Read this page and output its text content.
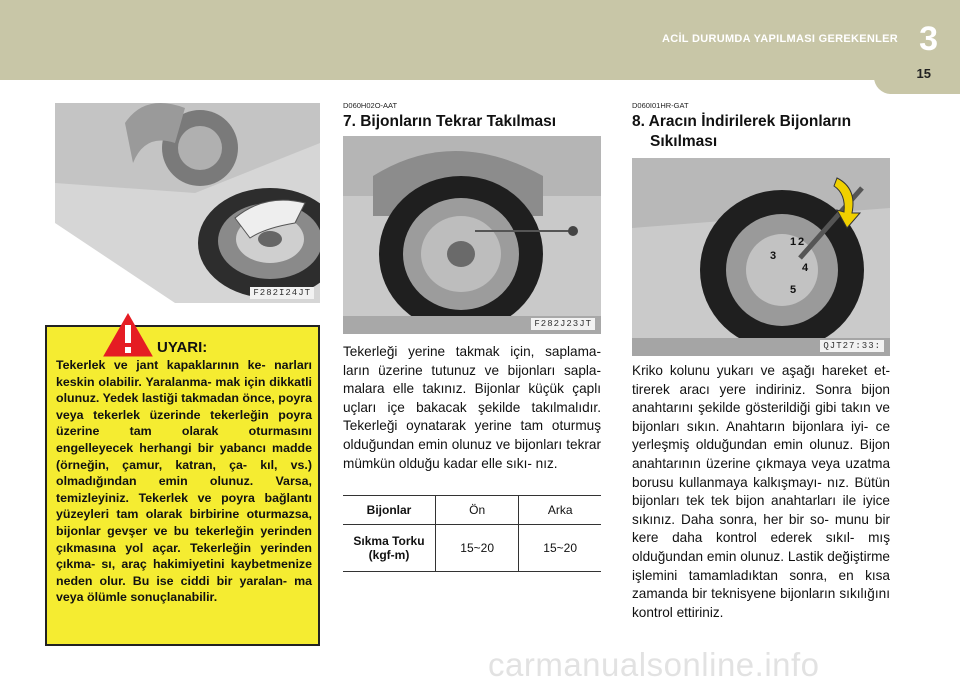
ACİL DURUMDA YAPILMASI GEREKENLER 3
15
F282I24JT
UYARI:
Tekerlek ve jant kapaklarının ke- narları keskin olabilir. Yaralanma- mak için dikkatli olunuz. Yedek lastiği takmadan önce, poyra veya tekerlek üzerinde tekerleğin poyra üzerine tam olarak oturmasını engelleyecek herhangi bir yabancı madde (örneğin, çamur, katran, ça- kıl, vs.) olmadığından emin olunuz. Varsa, temizleyiniz. Tekerlek ve poyra bağlantı yüzeyleri tam olarak birbirine oturmazsa, bijonlar gevşer ve bu tekerleğin yerinden çıkmasına yol açar. Tekerleğin yerinden çıkma- sı, araç hakimiyetini kaybetmenize neden olur. Bu ise ciddi bir yaralan- ma veya ölümle sonuçlanabilir.
D060H02O-AAT
7. Bijonların Tekrar Takılması
F282J23JT
Tekerleği yerine takmak için, saplama- ların üzerine tutunuz ve bijonları sapla- malara elle takınız. Bijonlar küçük çaplı uçları içe bakacak şekilde takılmalıdır. Tekerleği oynatarak yerine tam oturmuş olduğundan emin olunuz ve bijonları tekrar mümkün olduğu kadar elle sıkı- nız.
Bijonlar	Ön	Arka
Sıkma Torku (kgf-m)	15~20	15~20
D060I01HR-GAT
8. Aracın İndirilerek Bijonların
Sıkılması
1 2
3
4
5
QJT27:33:
Kriko kolunu yukarı ve aşağı hareket et- tirerek aracı yere indiriniz. Sonra bijon anahtarını şekilde gösterildiği gibi takın ve bijonları sıkın. Anahtarın bijonlara iyi- ce yerleşmiş olduğundan emin olunuz. Bijon anahtarının üzerine çıkmaya veya uzatma borusu kullanmaya kalkışmayı- nız. Bütün bijonları tek tek bijon anahtarları ile iyice sıkınız. Daha sonra, her bir so- munu bir kere daha kontrol ederek sıkıl- mış olduğundan emin olunuz. Lastik değiştirme işlemini tamamladıktan sonra, en kısa zamanda bir teknisyene bijonların sıkılığını kontrol ettiriniz.
carmanualsonline.info
